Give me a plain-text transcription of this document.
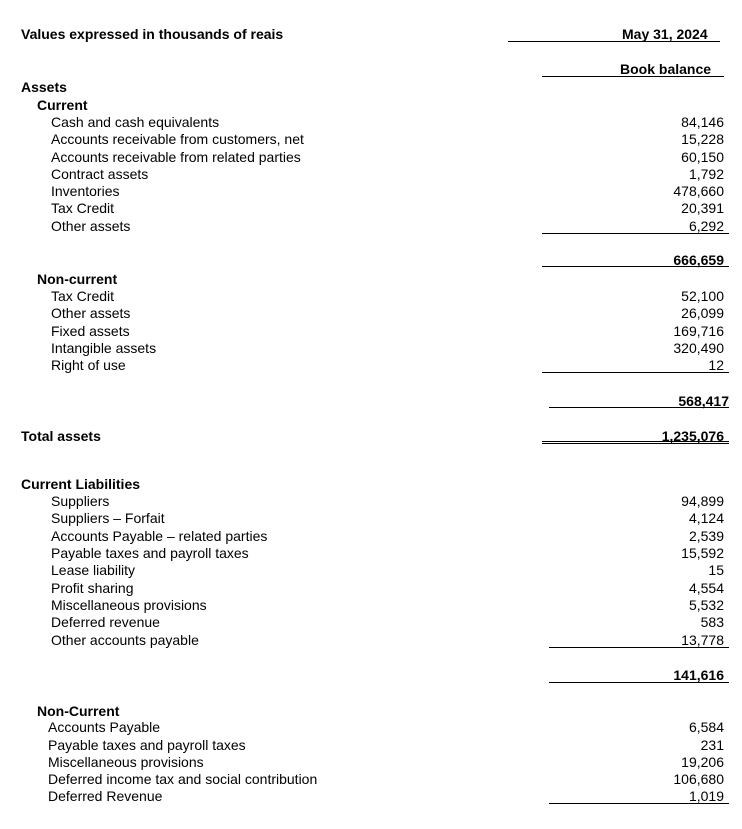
Values expressed in thousands of reais	May 31, 2024
Book balance
Assets
Current
Cash and cash equivalents	84,146
Accounts receivable from customers, net	15,228
Accounts receivable from related parties	60,150
Contract assets	1,792
Inventories	478,660
Tax Credit	20,391
Other assets	6,292
666,659
Non-current
Tax Credit	52,100
Other assets	26,099
Fixed assets	169,716
Intangible assets	320,490
Right of use	12
568,417
Total assets	1,235,076
Current Liabilities
Suppliers	94,899
Suppliers – Forfait	4,124
Accounts Payable – related parties	2,539
Payable taxes and payroll taxes	15,592
Lease liability	15
Profit sharing	4,554
Miscellaneous provisions	5,532
Deferred revenue	583
Other accounts payable	13,778
141,616
Non-Current
Accounts Payable	6,584
Payable taxes and payroll taxes	231
Miscellaneous provisions	19,206
Deferred income tax and social contribution	106,680
Deferred Revenue	1,019
